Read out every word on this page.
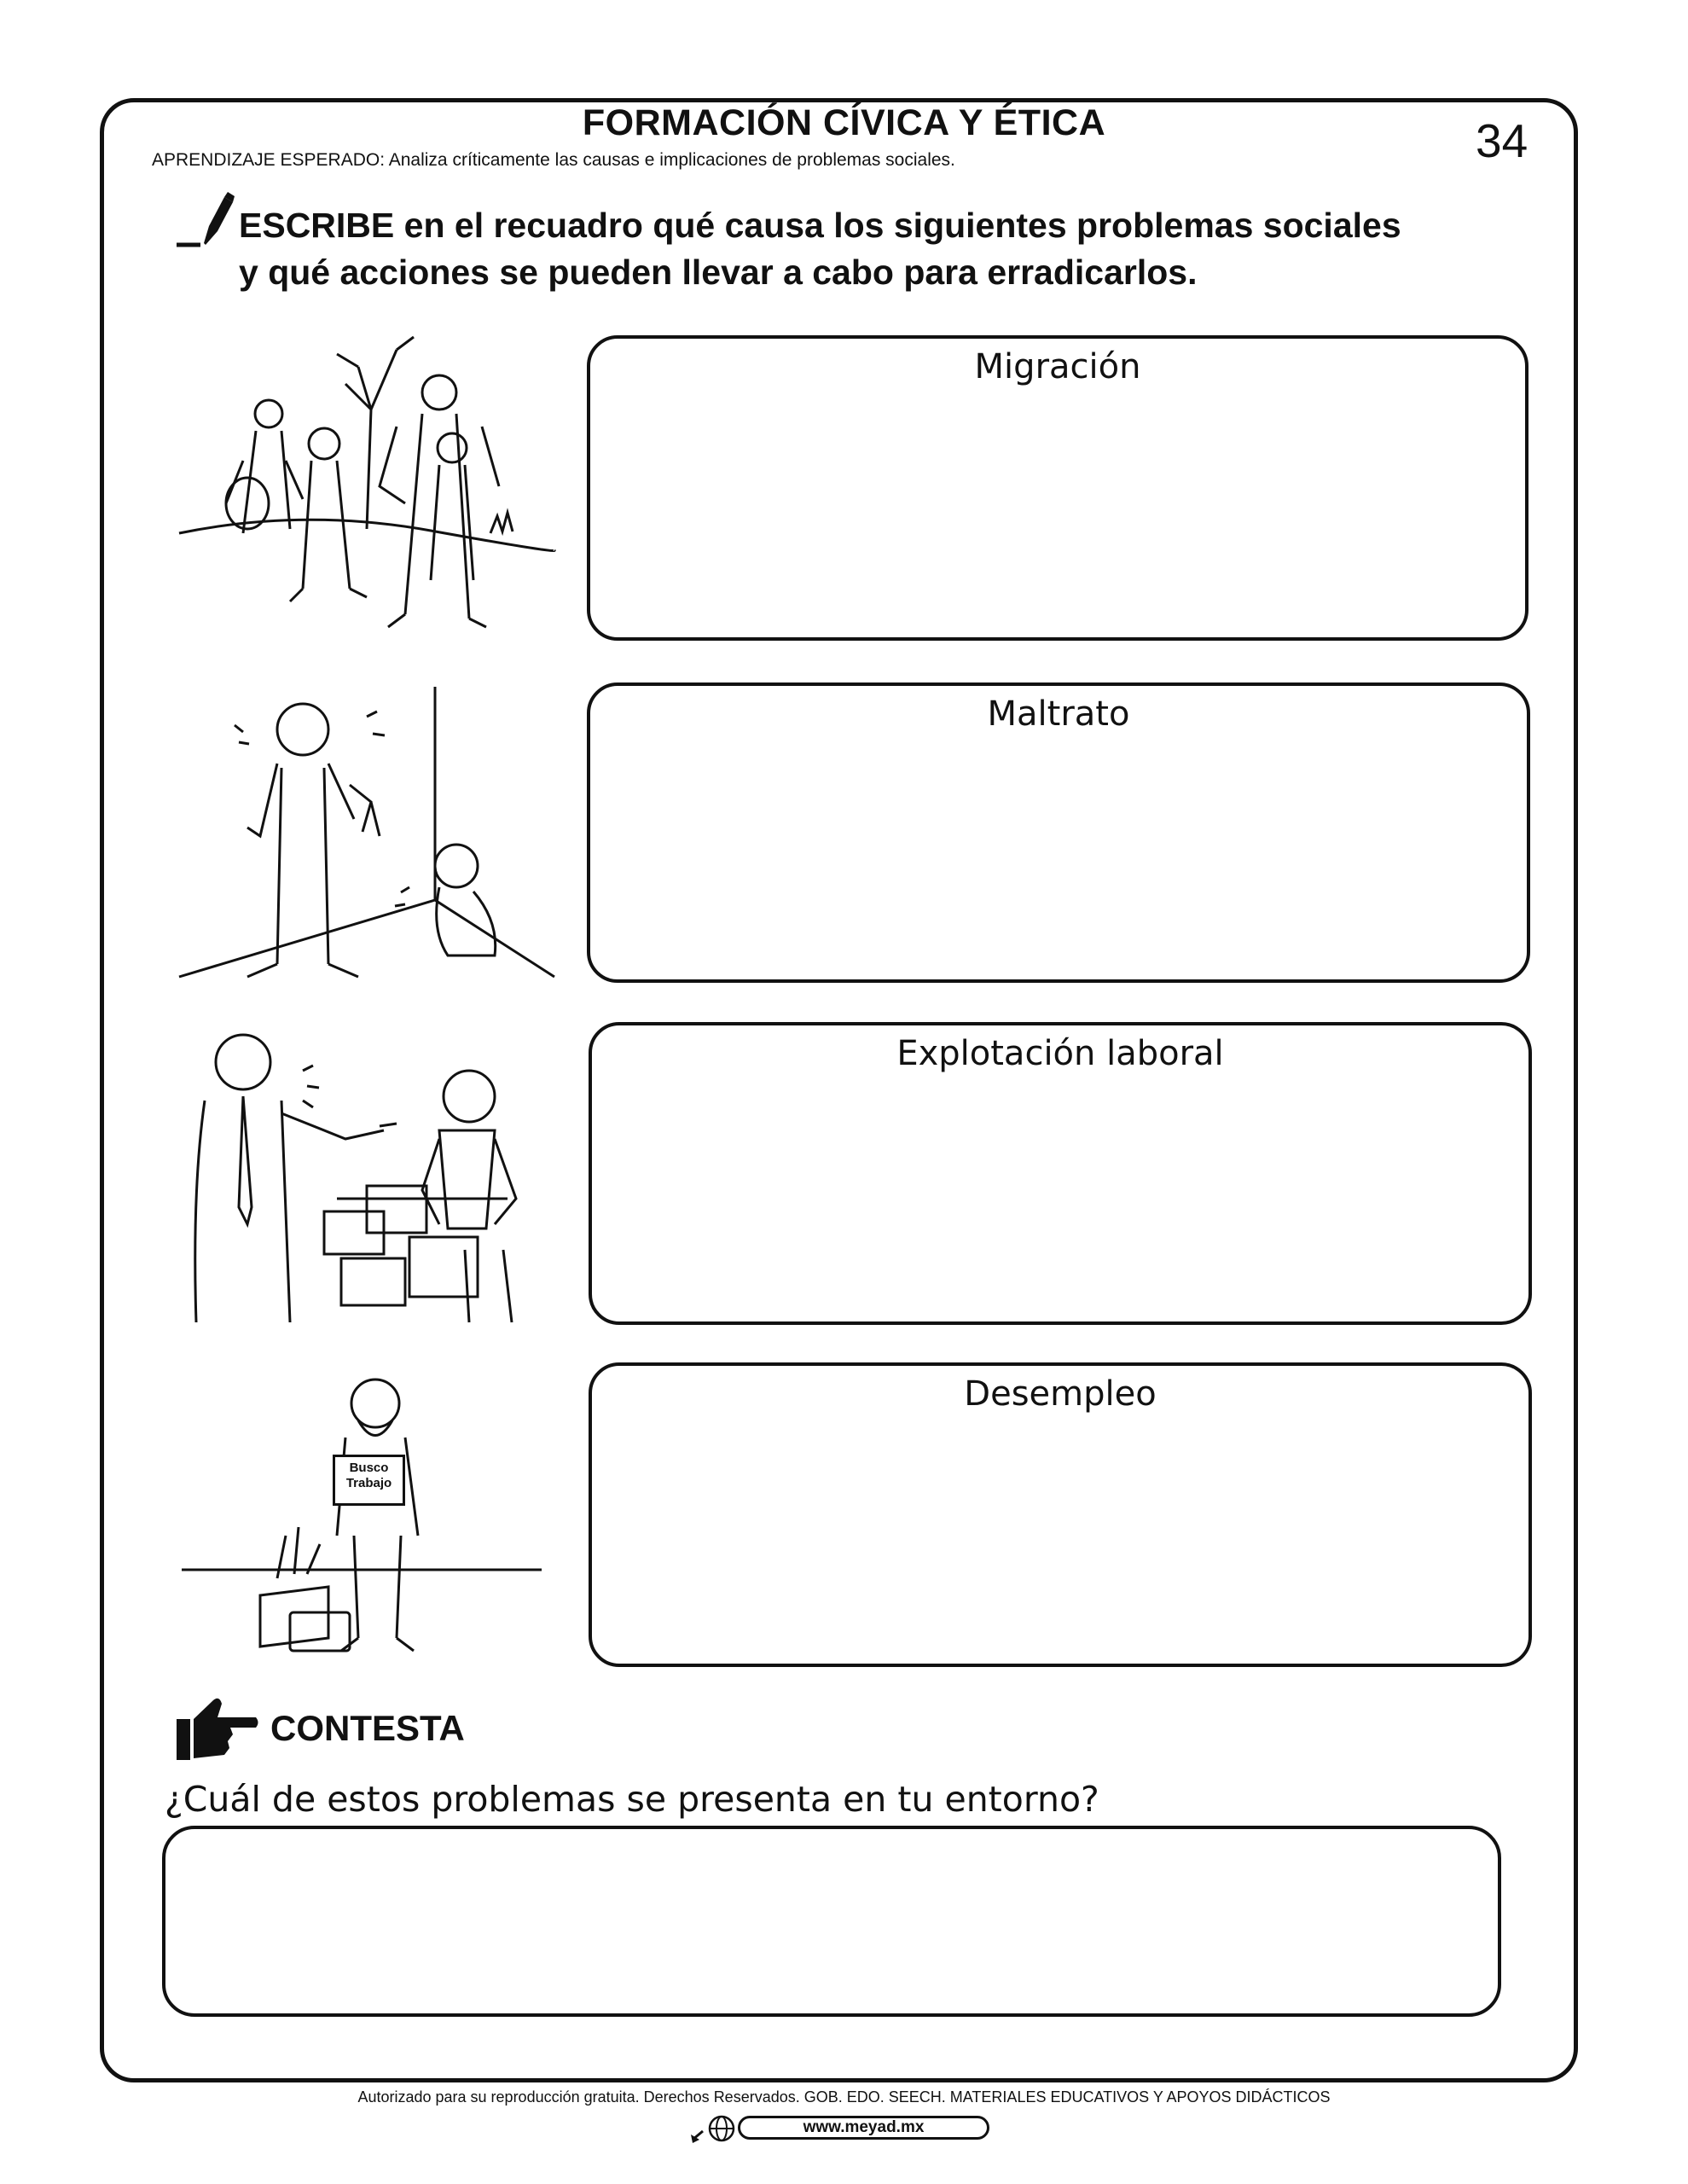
FORMACIÓN CÍVICA Y ÉTICA
APRENDIZAJE ESPERADO: Analiza críticamente las causas e implicaciones de problemas sociales.	34
ESCRIBE en el recuadro qué causa los siguientes problemas sociales
y qué acciones se pueden llevar a cabo para erradicarlos.
Migración
Maltrato
Explotación laboral
Busco
Trabajo
Desempleo
CONTESTA
¿Cuál de estos problemas se presenta en tu entorno?
Autorizado para su reproducción gratuita. Derechos Reservados. GOB. EDO. SEECH. MATERIALES EDUCATIVOS Y APOYOS DIDÁCTICOS
www.meyad.mx
